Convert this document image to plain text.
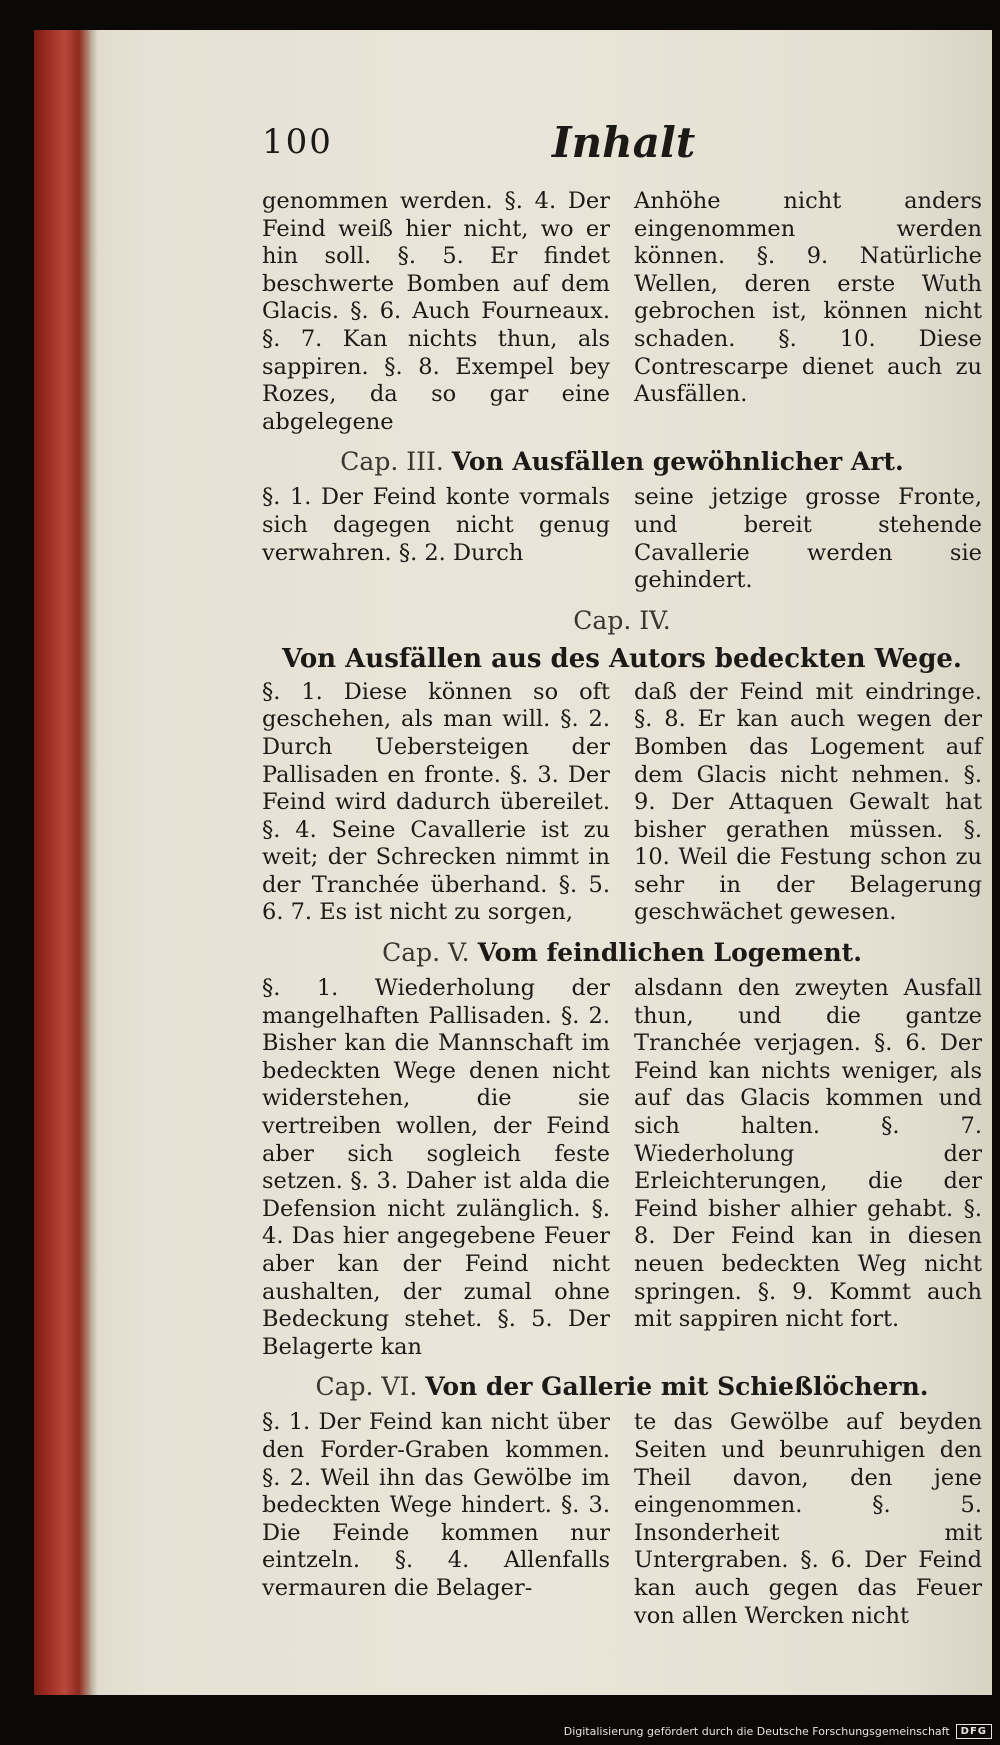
100	Inhalt
genommen werden. §. 4. Der Feind weiß hier nicht, wo er hin soll. §. 5. Er findet beschwerte Bomben auf dem Glacis. §. 6. Auch Fourneaux. §. 7. Kan nichts thun, als sappiren. §. 8. Exempel bey Rozes, da so gar eine abgelegene
Anhöhe nicht anders eingenommen werden können. §. 9. Natürliche Wellen, deren erste Wuth gebrochen ist, können nicht schaden. §. 10. Diese Contrescarpe dienet auch zu Ausfällen.
Cap. III. Von Ausfällen gewöhnlicher Art.
§. 1. Der Feind konte vormals sich dagegen nicht genug verwahren. §. 2. Durch
seine jetzige grosse Fronte, und bereit stehende Cavallerie werden sie gehindert.
Cap. IV.
Von Ausfällen aus des Autors bedeckten Wege.
§. 1. Diese können so oft geschehen, als man will. §. 2. Durch Uebersteigen der Pallisaden en fronte. §. 3. Der Feind wird dadurch übereilet. §. 4. Seine Cavallerie ist zu weit; der Schrecken nimmt in der Tranchée überhand. §. 5. 6. 7. Es ist nicht zu sorgen,
daß der Feind mit eindringe. §. 8. Er kan auch wegen der Bomben das Logement auf dem Glacis nicht nehmen. §. 9. Der Attaquen Gewalt hat bisher gerathen müssen. §. 10. Weil die Festung schon zu sehr in der Belagerung geschwächet gewesen.
Cap. V. Vom feindlichen Logement.
§. 1. Wiederholung der mangelhaften Pallisaden. §. 2. Bisher kan die Mannschaft im bedeckten Wege denen nicht widerstehen, die sie vertreiben wollen, der Feind aber sich sogleich feste setzen. §. 3. Daher ist alda die Defension nicht zulänglich. §. 4. Das hier angegebene Feuer aber kan der Feind nicht aushalten, der zumal ohne Bedeckung stehet. §. 5. Der Belagerte kan
alsdann den zweyten Ausfall thun, und die gantze Tranchée verjagen. §. 6. Der Feind kan nichts weniger, als auf das Glacis kommen und sich halten. §. 7. Wiederholung der Erleichterungen, die der Feind bisher alhier gehabt. §. 8. Der Feind kan in diesen neuen bedeckten Weg nicht springen. §. 9. Kommt auch mit sappiren nicht fort.
Cap. VI. Von der Gallerie mit Schießlöchern.
§. 1. Der Feind kan nicht über den Forder-Graben kommen. §. 2. Weil ihn das Gewölbe im bedeckten Wege hindert. §. 3. Die Feinde kommen nur eintzeln. §. 4. Allenfalls vermauren die Belager-
te das Gewölbe auf beyden Seiten und beunruhigen den Theil davon, den jene eingenommen. §. 5. Insonderheit mit Untergraben. §. 6. Der Feind kan auch gegen das Feuer von allen Wercken nicht
Digitalisierung gefördert durch die Deutsche Forschungsgemeinschaft	DFG
